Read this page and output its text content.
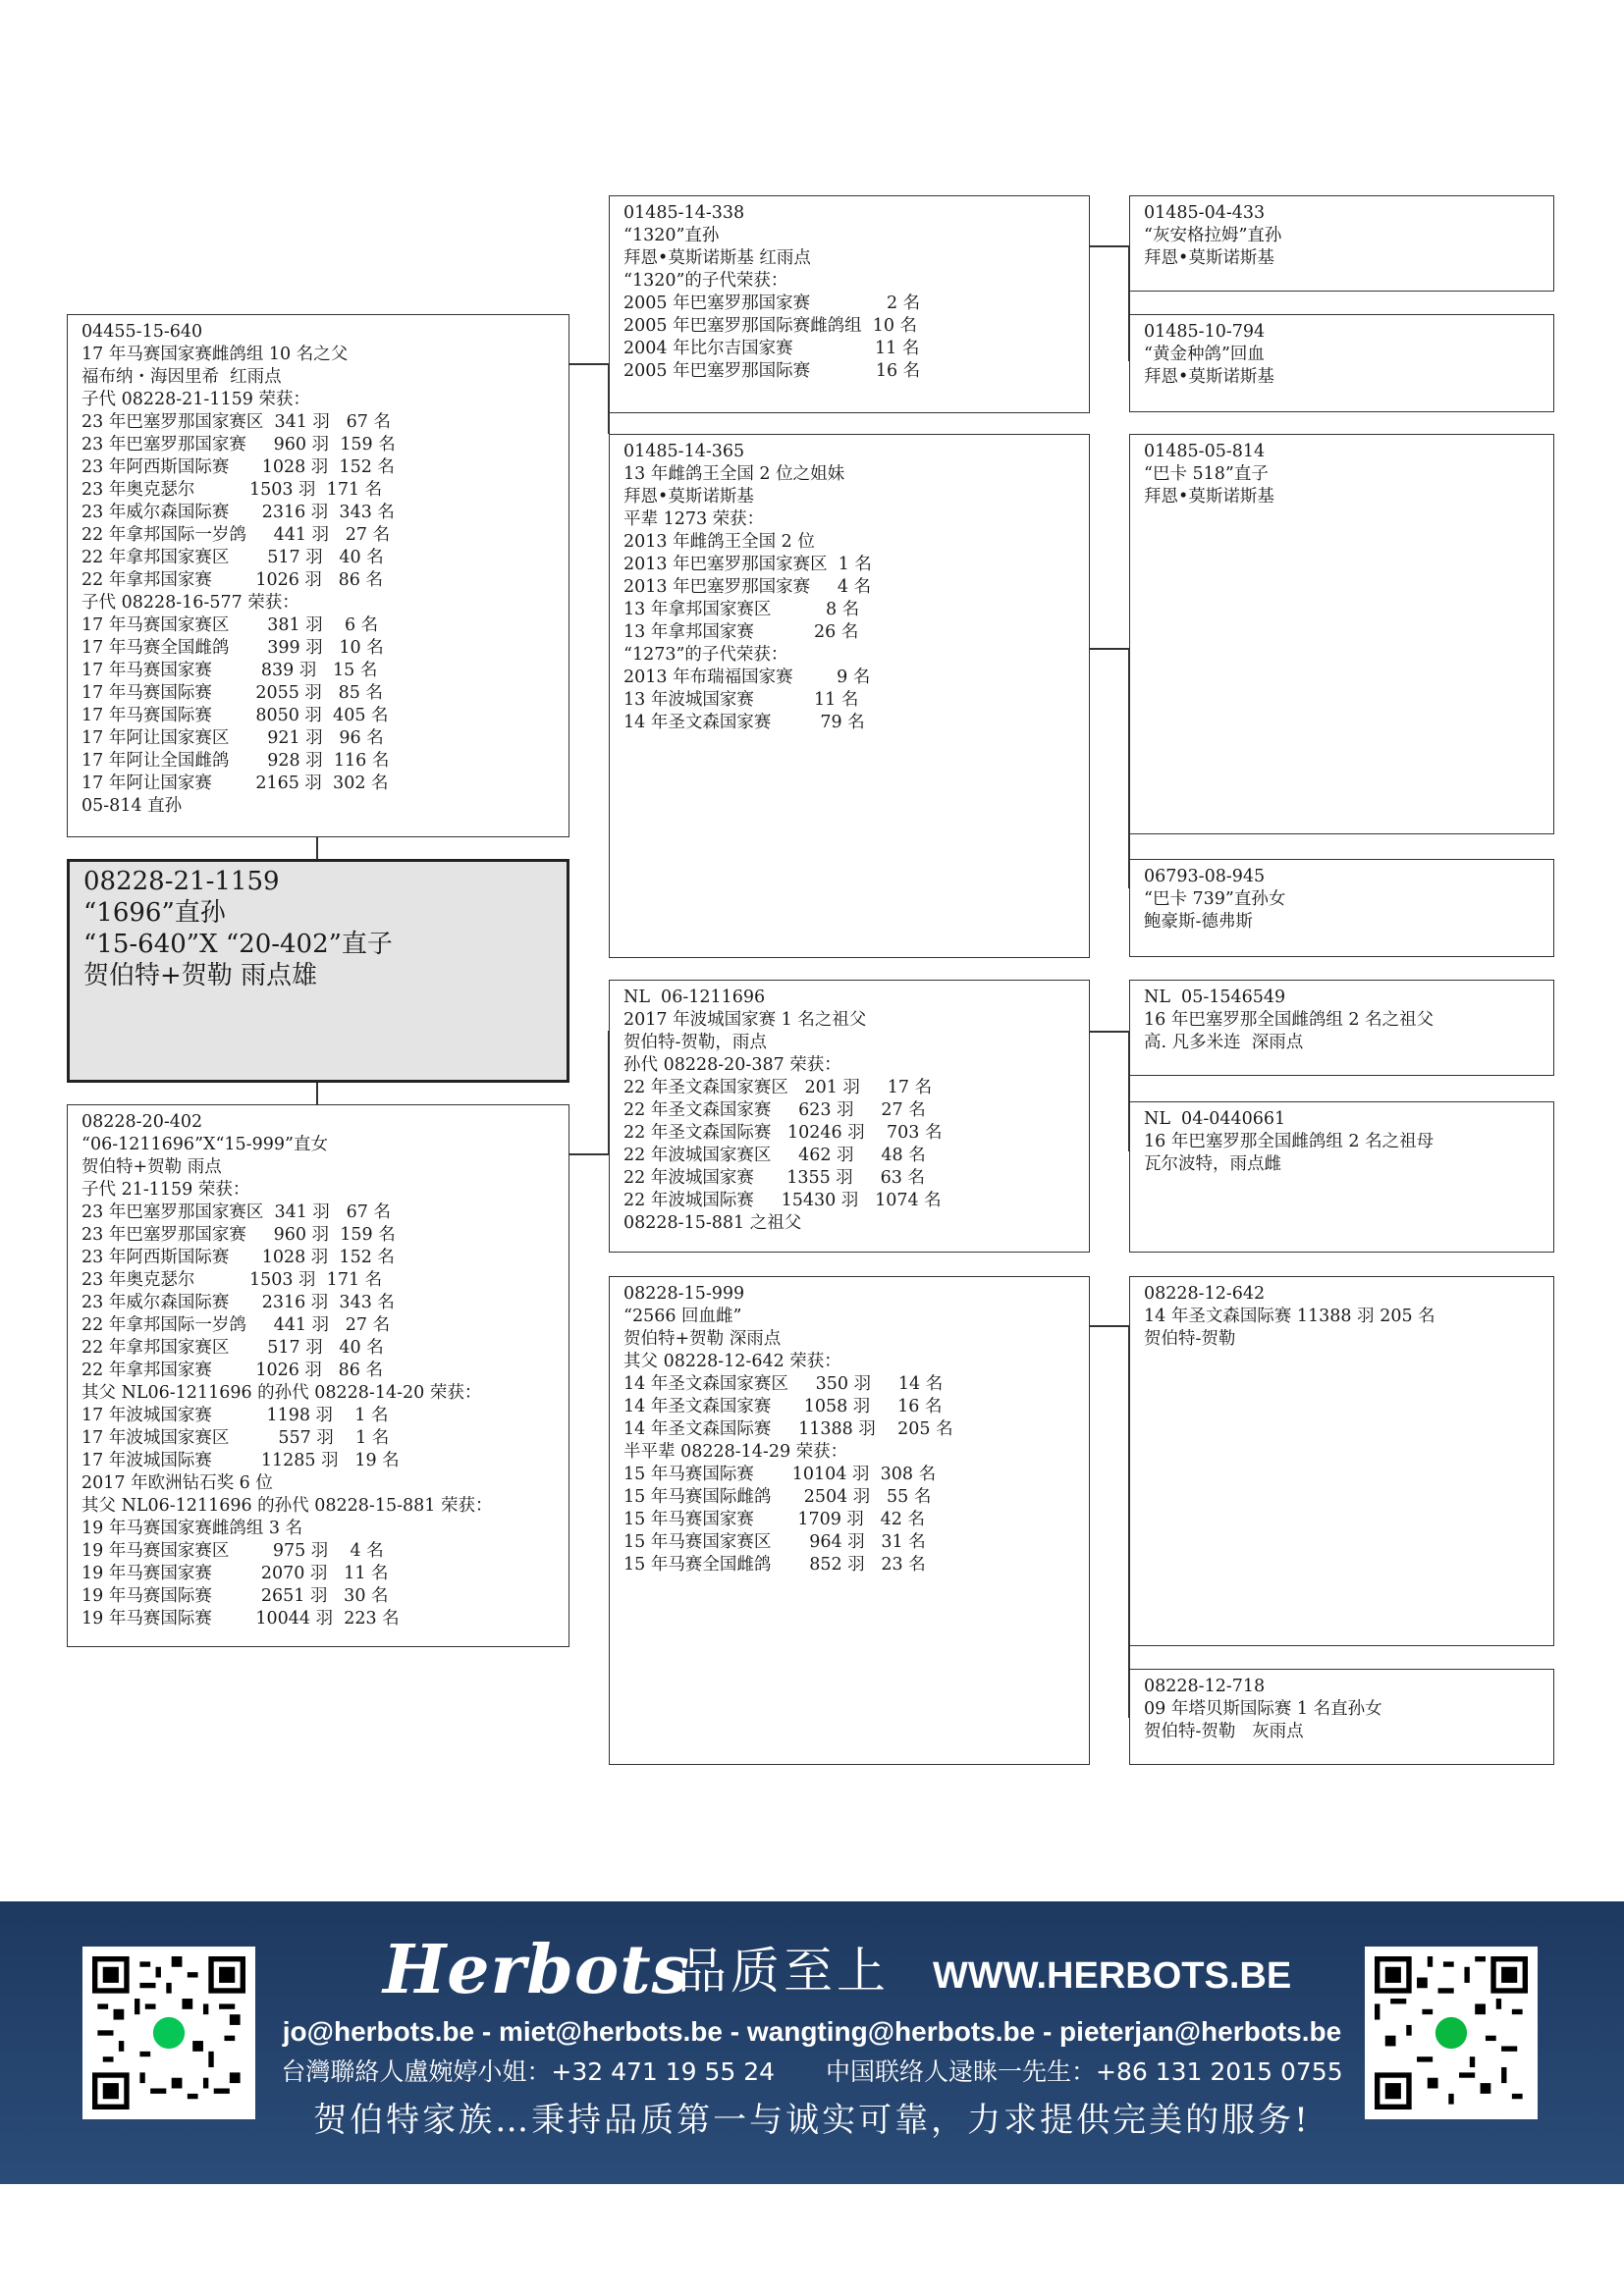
04455-15-640
17 年马赛国家赛雌鸽组 10 名之父
福布纳・海因里希  红雨点
子代 08228-21-1159 荣获：
23 年巴塞罗那国家赛区  341 羽   67 名
23 年巴塞罗那国家赛     960 羽  159 名
23 年阿西斯国际赛      1028 羽  152 名
23 年奥克瑟尔          1503 羽  171 名
23 年威尔森国际赛      2316 羽  343 名
22 年拿邦国际一岁鸽     441 羽   27 名
22 年拿邦国家赛区       517 羽   40 名
22 年拿邦国家赛        1026 羽   86 名
子代 08228-16-577 荣获：
17 年马赛国家赛区       381 羽    6 名
17 年马赛全国雌鸽       399 羽   10 名
17 年马赛国家赛         839 羽   15 名
17 年马赛国际赛        2055 羽   85 名
17 年马赛国际赛        8050 羽  405 名
17 年阿让国家赛区       921 羽   96 名
17 年阿让全国雌鸽       928 羽  116 名
17 年阿让国家赛        2165 羽  302 名
05-814 直孙
08228-21-1159
“1696”直孙
“15-640”X “20-402”直子
贺伯特+贺勒 雨点雄
08228-20-402
“06-1211696”X“15-999”直女
贺伯特+贺勒 雨点
子代 21-1159 荣获：
23 年巴塞罗那国家赛区  341 羽   67 名
23 年巴塞罗那国家赛     960 羽  159 名
23 年阿西斯国际赛      1028 羽  152 名
23 年奥克瑟尔          1503 羽  171 名
23 年威尔森国际赛      2316 羽  343 名
22 年拿邦国际一岁鸽     441 羽   27 名
22 年拿邦国家赛区       517 羽   40 名
22 年拿邦国家赛        1026 羽   86 名
其父 NL06-1211696 的孙代 08228-14-20 荣获：
17 年波城国家赛          1198 羽    1 名
17 年波城国家赛区         557 羽    1 名
17 年波城国际赛         11285 羽   19 名
2017 年欧洲钻石奖 6 位
其父 NL06-1211696 的孙代 08228-15-881 荣获：
19 年马赛国家赛雌鸽组 3 名
19 年马赛国家赛区        975 羽    4 名
19 年马赛国家赛         2070 羽   11 名
19 年马赛国际赛         2651 羽   30 名
19 年马赛国际赛        10044 羽  223 名
01485-14-338
“1320”直孙
拜恩•莫斯诺斯基 红雨点
“1320”的子代荣获：
2005 年巴塞罗那国家赛              2 名
2005 年巴塞罗那国际赛雌鸽组  10 名
2004 年比尔吉国家赛               11 名
2005 年巴塞罗那国际赛            16 名
01485-14-365
13 年雌鸽王全国 2 位之姐妹
拜恩•莫斯诺斯基
平辈 1273 荣获：
2013 年雌鸽王全国 2 位
2013 年巴塞罗那国家赛区  1 名
2013 年巴塞罗那国家赛     4 名
13 年拿邦国家赛区          8 名
13 年拿邦国家赛           26 名
“1273”的子代荣获：
2013 年布瑞福国家赛        9 名
13 年波城国家赛           11 名
14 年圣文森国家赛         79 名
NL  06-1211696
2017 年波城国家赛 1 名之祖父
贺伯特-贺勒，雨点
孙代 08228-20-387 荣获：
22 年圣文森国家赛区   201 羽     17 名
22 年圣文森国家赛     623 羽     27 名
22 年圣文森国际赛   10246 羽    703 名
22 年波城国家赛区     462 羽     48 名
22 年波城国家赛      1355 羽     63 名
22 年波城国际赛     15430 羽   1074 名
08228-15-881 之祖父
08228-15-999
“2566 回血雌”
贺伯特+贺勒 深雨点
其父 08228-12-642 荣获：
14 年圣文森国家赛区     350 羽     14 名
14 年圣文森国家赛      1058 羽     16 名
14 年圣文森国际赛     11388 羽    205 名
半平辈 08228-14-29 荣获：
15 年马赛国际赛       10104 羽  308 名
15 年马赛国际雌鸽      2504 羽   55 名
15 年马赛国家赛        1709 羽   42 名
15 年马赛国家赛区       964 羽   31 名
15 年马赛全国雌鸽       852 羽   23 名
01485-04-433
“灰安格拉姆”直孙
拜恩•莫斯诺斯基
01485-10-794
“黄金种鸽”回血
拜恩•莫斯诺斯基
01485-05-814
“巴卡 518”直子
拜恩•莫斯诺斯基
06793-08-945
“巴卡 739”直孙女
鲍豪斯-德弗斯
NL  05-1546549
16 年巴塞罗那全国雌鸽组 2 名之祖父
高. 凡多米连  深雨点
NL  04-0440661
16 年巴塞罗那全国雌鸽组 2 名之祖母
瓦尔波特，雨点雌
08228-12-642
14 年圣文森国际赛 11388 羽 205 名
贺伯特-贺勒
08228-12-718
09 年塔贝斯国际赛 1 名直孙女
贺伯特-贺勒   灰雨点
Herbots
品质至上 WWW.HERBOTS.BE
jo@herbots.be - miet@herbots.be - wangting@herbots.be - pieterjan@herbots.be
台灣聯絡人盧婉婷小姐：+32 471 19 55 24 中国联络人逯睐一先生：+86 131 2015 0755
贺伯特家族…秉持品质第一与诚实可靠，力求提供完美的服务!
